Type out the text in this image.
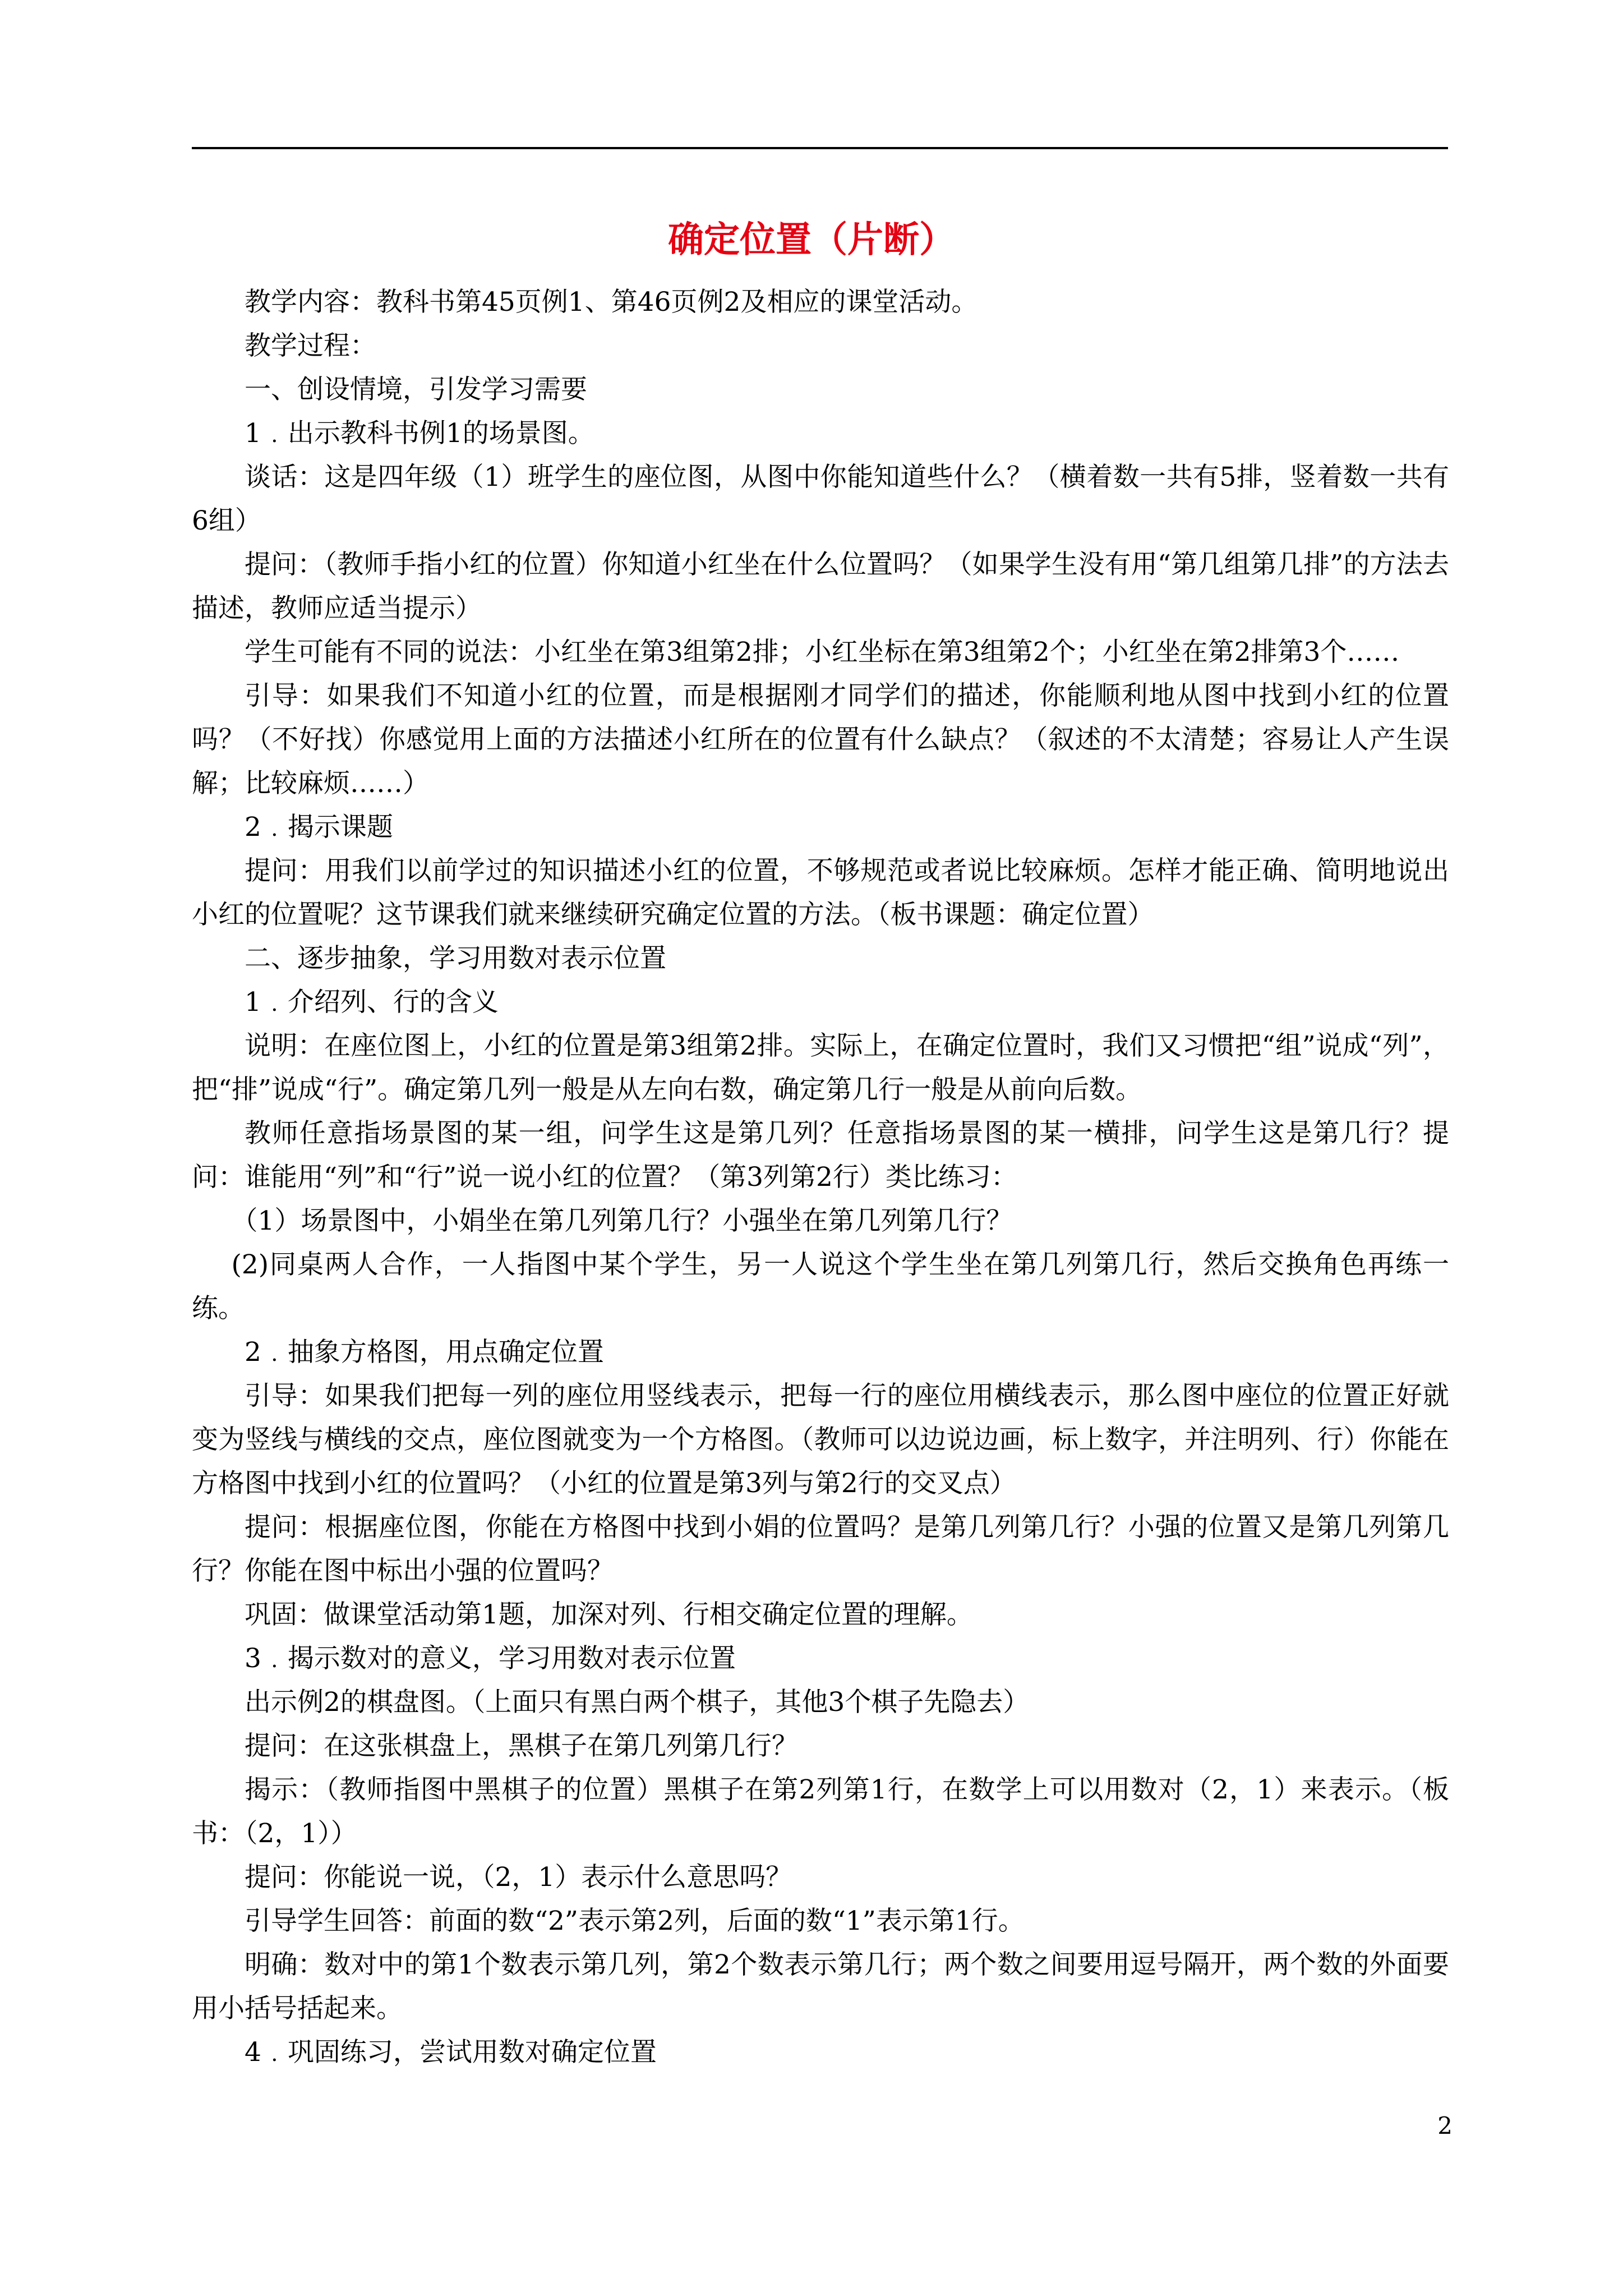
确定位置（片断）

教学内容：教科书第45页例1、第46页例2及相应的课堂活动。

教学过程：

一、创设情境，引发学习需要

1﹒出示教科书例1的场景图。

谈话：这是四年级（1）班学生的座位图，从图中你能知道些什么？（横着数一共有5排，竖着数一共有6组）

提问：（教师手指小红的位置）你知道小红坐在什么位置吗？（如果学生没有用“第几组第几排”的方法去描述，教师应适当提示）

学生可能有不同的说法：小红坐在第3组第2排；小红坐标在第3组第2个；小红坐在第2排第3个……

引导：如果我们不知道小红的位置，而是根据刚才同学们的描述，你能顺利地从图中找到小红的位置吗？（不好找）你感觉用上面的方法描述小红所在的位置有什么缺点？（叙述的不太清楚；容易让人产生误解；比较麻烦……）

2﹒揭示课题

提问：用我们以前学过的知识描述小红的位置，不够规范或者说比较麻烦。怎样才能正确、简明地说出小红的位置呢？这节课我们就来继续研究确定位置的方法。（板书课题：确定位置）

二、逐步抽象，学习用数对表示位置

1﹒介绍列、行的含义

说明：在座位图上，小红的位置是第3组第2排。实际上，在确定位置时，我们又习惯把“组”说成“列”，把“排”说成“行”。确定第几列一般是从左向右数，确定第几行一般是从前向后数。

教师任意指场景图的某一组，问学生这是第几列？任意指场景图的某一横排，问学生这是第几行？提问：谁能用“列”和“行”说一说小红的位置？（第3列第2行）类比练习：

（1）场景图中，小娟坐在第几列第几行？小强坐在第几列第几行？

(2)同桌两人合作，一人指图中某个学生，另一人说这个学生坐在第几列第几行，然后交换角色再练一练。

2﹒抽象方格图，用点确定位置

引导：如果我们把每一列的座位用竖线表示，把每一行的座位用横线表示，那么图中座位的位置正好就变为竖线与横线的交点，座位图就变为一个方格图。（教师可以边说边画，标上数字，并注明列、行）你能在方格图中找到小红的位置吗？（小红的位置是第3列与第2行的交叉点）

提问：根据座位图，你能在方格图中找到小娟的位置吗？是第几列第几行？小强的位置又是第几列第几行？你能在图中标出小强的位置吗？

巩固：做课堂活动第1题，加深对列、行相交确定位置的理解。

3﹒揭示数对的意义，学习用数对表示位置

出示例2的棋盘图。（上面只有黑白两个棋子，其他3个棋子先隐去）

提问：在这张棋盘上，黑棋子在第几列第几行？

揭示：（教师指图中黑棋子的位置）黑棋子在第2列第1行，在数学上可以用数对（2，1）来表示。（板书：（2，1））

提问：你能说一说，（2，1）表示什么意思吗？

引导学生回答：前面的数“2”表示第2列，后面的数“1”表示第1行。

明确：数对中的第1个数表示第几列，第2个数表示第几行；两个数之间要用逗号隔开，两个数的外面要用小括号括起来。

4﹒巩固练习，尝试用数对确定位置

2
